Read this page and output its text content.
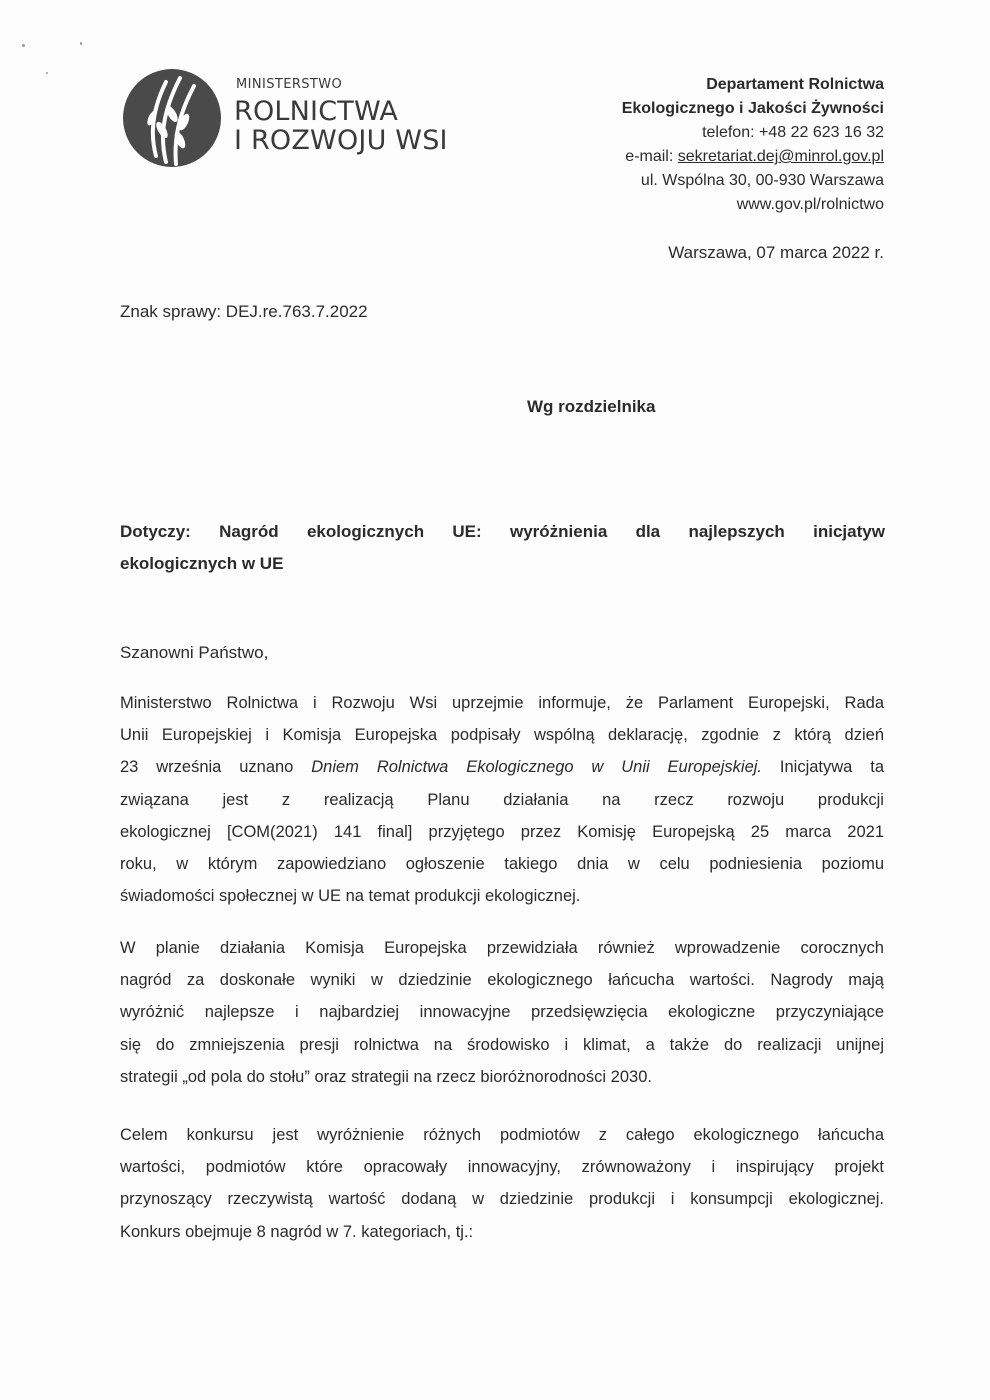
MINISTERSTWO
ROLNICTWA
I ROZWOJU WSI
Departament Rolnictwa
Ekologicznego i Jakości Żywności
telefon: +48 22 623 16 32
e-mail: sekretariat.dej@minrol.gov.pl
ul. Wspólna 30, 00-930 Warszawa
www.gov.pl/rolnictwo
Warszawa, 07 marca 2022 r.
Znak sprawy: DEJ.re.763.7.2022
Wg rozdzielnika
Dotyczy: Nagród ekologicznych UE: wyróżnienia dla najlepszych inicjatyw
ekologicznych w UE
Szanowni Państwo,
Ministerstwo Rolnictwa i Rozwoju Wsi uprzejmie informuje, że Parlament Europejski, Rada
Unii Europejskiej i Komisja Europejska podpisały wspólną deklarację, zgodnie z którą dzień
23 września uznano Dniem Rolnictwa Ekologicznego w Unii Europejskiej. Inicjatywa ta
związana jest z realizacją Planu działania na rzecz rozwoju produkcji
ekologicznej [COM(2021) 141 final] przyjętego przez Komisję Europejską 25 marca 2021
roku, w którym zapowiedziano ogłoszenie takiego dnia w celu podniesienia poziomu
świadomości społecznej w UE na temat produkcji ekologicznej.
W planie działania Komisja Europejska przewidziała również wprowadzenie corocznych
nagród za doskonałe wyniki w dziedzinie ekologicznego łańcucha wartości. Nagrody mają
wyróżnić najlepsze i najbardziej innowacyjne przedsięwzięcia ekologiczne przyczyniające
się do zmniejszenia presji rolnictwa na środowisko i klimat, a także do realizacji unijnej
strategii „od pola do stołu” oraz strategii na rzecz bioróżnorodności 2030.
Celem konkursu jest wyróżnienie różnych podmiotów z całego ekologicznego łańcucha
wartości, podmiotów które opracowały innowacyjny, zrównoważony i inspirujący projekt
przynoszący rzeczywistą wartość dodaną w dziedzinie produkcji i konsumpcji ekologicznej.
Konkurs obejmuje 8 nagród w 7. kategoriach, tj.:
